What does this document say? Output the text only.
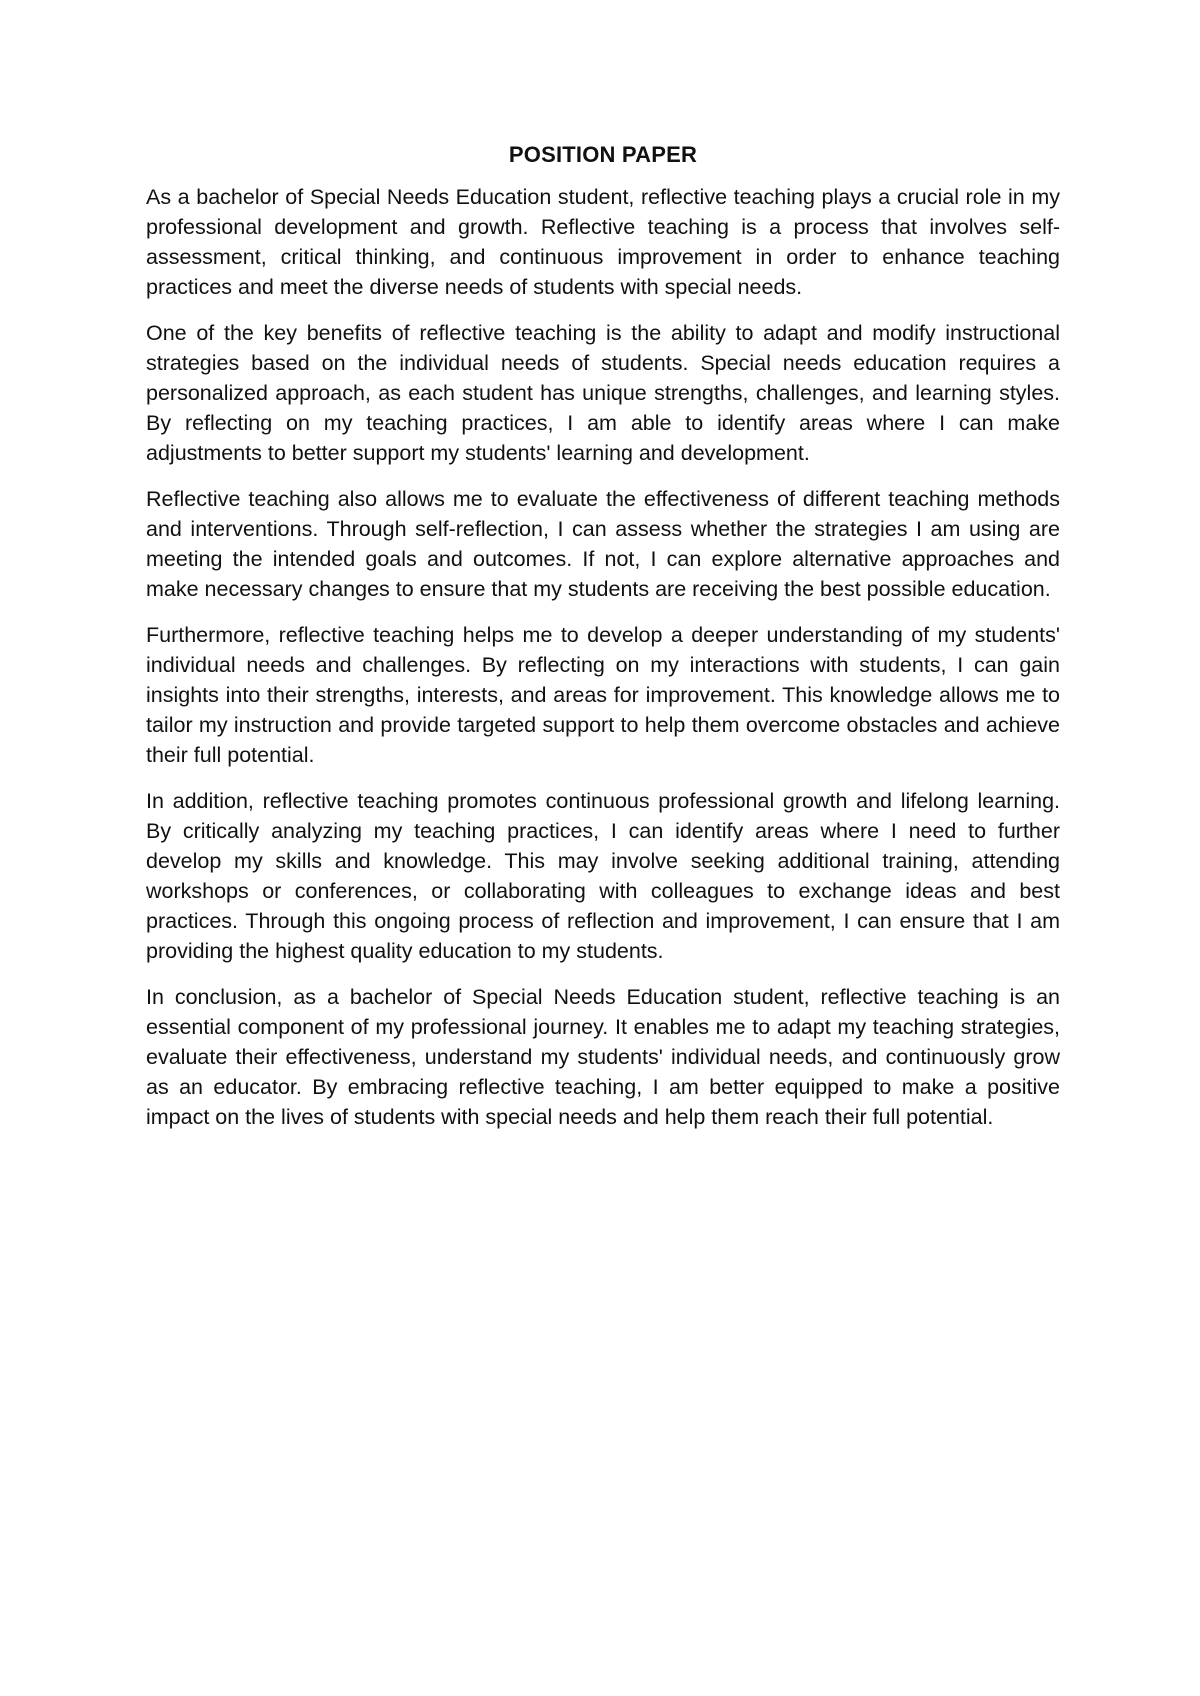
POSITION PAPER

As a bachelor of Special Needs Education student, reflective teaching plays a crucial role in my professional development and growth. Reflective teaching is a process that involves self-assessment, critical thinking, and continuous improvement in order to enhance teaching practices and meet the diverse needs of students with special needs.

One of the key benefits of reflective teaching is the ability to adapt and modify instructional strategies based on the individual needs of students. Special needs education requires a personalized approach, as each student has unique strengths, challenges, and learning styles. By reflecting on my teaching practices, I am able to identify areas where I can make adjustments to better support my students' learning and development.

Reflective teaching also allows me to evaluate the effectiveness of different teaching methods and interventions. Through self-reflection, I can assess whether the strategies I am using are meeting the intended goals and outcomes. If not, I can explore alternative approaches and make necessary changes to ensure that my students are receiving the best possible education.

Furthermore, reflective teaching helps me to develop a deeper understanding of my students' individual needs and challenges. By reflecting on my interactions with students, I can gain insights into their strengths, interests, and areas for improvement. This knowledge allows me to tailor my instruction and provide targeted support to help them overcome obstacles and achieve their full potential.

In addition, reflective teaching promotes continuous professional growth and lifelong learning. By critically analyzing my teaching practices, I can identify areas where I need to further develop my skills and knowledge. This may involve seeking additional training, attending workshops or conferences, or collaborating with colleagues to exchange ideas and best practices. Through this ongoing process of reflection and improvement, I can ensure that I am providing the highest quality education to my students.

In conclusion, as a bachelor of Special Needs Education student, reflective teaching is an essential component of my professional journey. It enables me to adapt my teaching strategies, evaluate their effectiveness, understand my students' individual needs, and continuously grow as an educator. By embracing reflective teaching, I am better equipped to make a positive impact on the lives of students with special needs and help them reach their full potential.
